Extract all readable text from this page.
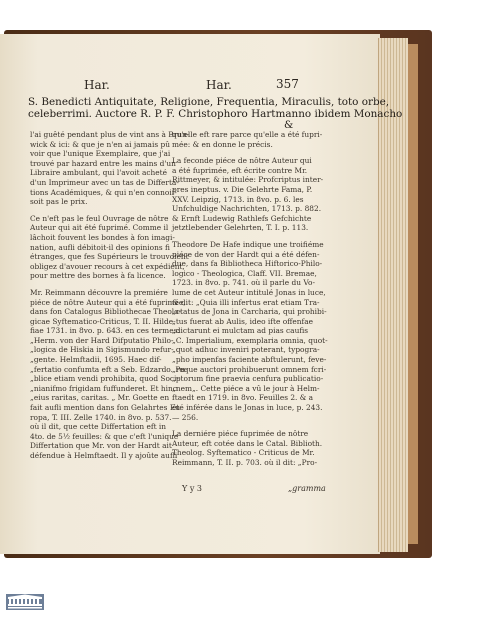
Har.	Har.	357
S. Benedicti Antiquitate, Religione, Frequentia, Miraculis, toto orbe,
celeberrimi. Auctore R. P. F. Christophoro Hartmanno ibidem Monacho
&
l'ai guêté pendant plus de vint ans à Brun-
wick & ici: & que je n'en ai jamais pû
voir que l'unique Exemplaire, que j'ai
trouvé par hazard entre les mains d'un
Libraire ambulant, qui l'avoit acheté
d'un Imprimeur avec un tas de Differta-
tions Académiques, & qui n'en connoif-
soit pas le prix.
Ce n'eft pas le feul Ouvrage de nôtre
Auteur qui ait été fuprimé. Comme il
lâchoit fouvent les bondes à fon imagi-
nation, aufli débitoit-il des opinions fi
étranges, que fes Supérieurs le trouvoient
obligez d'avouer recours à cet expédient,
pour mettre des bornes à fa licence.
Mr. Reimmann découvre la premiére
piéce de nôtre Auteur qui a été fuprimée,
dans fon Catalogus Bibliothecae Theolo-
gicae Syftematico-Criticus, T. II. Hilde-
fiae 1731. in 8vo. p. 643. en ces termes:
„Herm. von der Hard Difputatio Philo-
„logica de Hiskia in Sigismundo refur-
„gente. Helmftadii, 1695. Haec dif-
„fertatio confumta eft a Seb. Edzardo. Pu-
„blice etiam vendi prohibita, quod Soci-
„nianifmo frigidam fuffunderet. Et hinc
„eius raritas, caritas. „ Mr. Goette en
fait aufli mention dans fon Gelahrtes Eu-
ropa, T. III. Zelle 1740. in 8vo. p. 537.
où il dit, que cette Differtation eft in
4to. de 5½ feuilles: & que c'eft l'unique
Differtation que Mr. von der Hardt ait
défendue à Helmftaedt. Il y ajoûte aufli
qu'elle eft rare parce qu'elle a été fupri-
mée: & en donne le précis.
La feconde piéce de nôtre Auteur qui
a été fuprimée, eft écrite contre Mr.
Rittmeyer, & intitulée: Profcriptus inter-
pres ineptus. v. Die Gelehrte Fama, P.
XXV. Leipzig, 1713. in 8vo. p. 6. les
Unfchuldige Nachrichten, 1713. p. 882.
& Ernft Ludewig Rathlefs Gefchichte
jetztlebender Gelehrten, T. I. p. 113.
Theodore De Hafe indique une troifiéme
piéce de von der Hardt qui a été défen-
due, dans fa Bibliotheca Hiftorico-Philo-
logico - Theologica, Claff. VII. Bremae,
1723. in 8vo. p. 741. où il parle du Vo-
lume de cet Auteur intitulé Jonas in luce,
& dit: „Quia illi infertus erat etiam Tra-
„ctatus de Jona in Carcharia, qui prohibi-
„tus fuerat ab Aulis, ideo ifte offenfae
„dictarunt ei mulctam ad pias caufis
„C. Imperialium, exemplaria omnia, quot-
„quot adhuc inveniri poterant, typogra-
„pho impenfas faciente abftulerunt, feve-
„reque auctori prohibuerunt omnem fcri-
„ptorum fine praevia cenfura publicatio-
„nem„. Cette piéce a vû le jour à Helm-
ftaedt en 1719. in 8vo. Feuilles 2. & a
été inférée dans le Jonas in luce, p. 243.
— 256.
La derniére piéce fuprimée de nôtre
Auteur, eft cotée dans le Catal. Biblioth.
Theolog. Syftematico - Criticus de Mr.
Reimmann, T. II. p. 703. où il dit: „Pro-
Y y 3	„gramma
